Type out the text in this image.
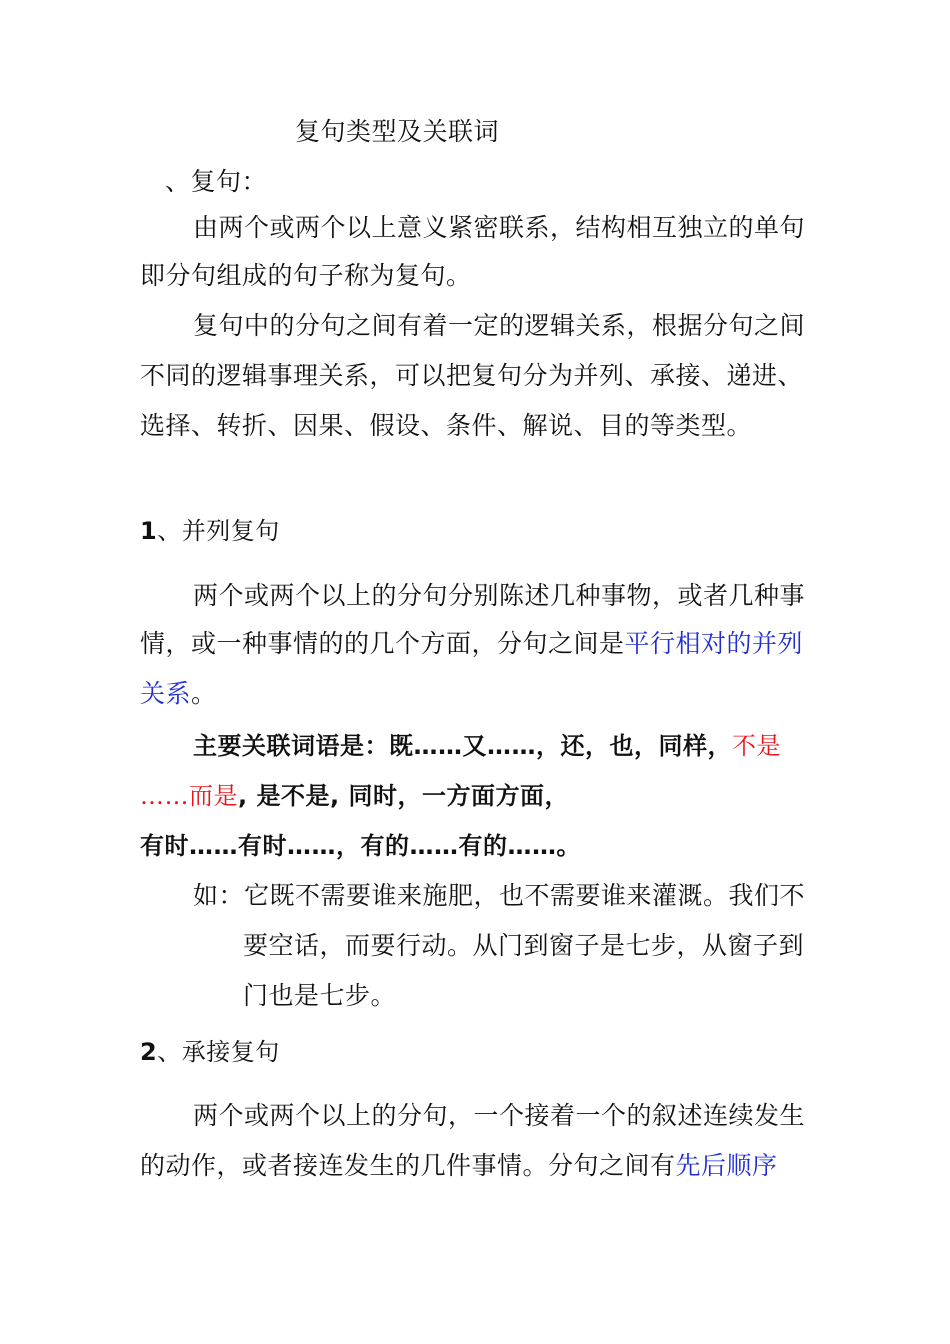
复句类型及关联词
、复句：
由两个或两个以上意义紧密联系，结构相互独立的单句
即分句组成的句子称为复句。
复句中的分句之间有着一定的逻辑关系，根据分句之间
不同的逻辑事理关系，可以把复句分为并列、承接、递进、
选择、转折、因果、假设、条件、解说、目的等类型。
1、并列复句
两个或两个以上的分句分别陈述几种事物，或者几种事
情，或一种事情的的几个方面，分句之间是平行相对的并列
关系。
主要关联词语是：既……又……，还，也，同样，不是
……而是, 是不是, 同时，一方面方面，
有时……有时……，有的……有的……。
如：它既不需要谁来施肥，也不需要谁来灌溉。我们不
要空话，而要行动。从门到窗子是七步，从窗子到
门也是七步。
2、承接复句
两个或两个以上的分句，一个接着一个的叙述连续发生
的动作，或者接连发生的几件事情。分句之间有先后顺序
